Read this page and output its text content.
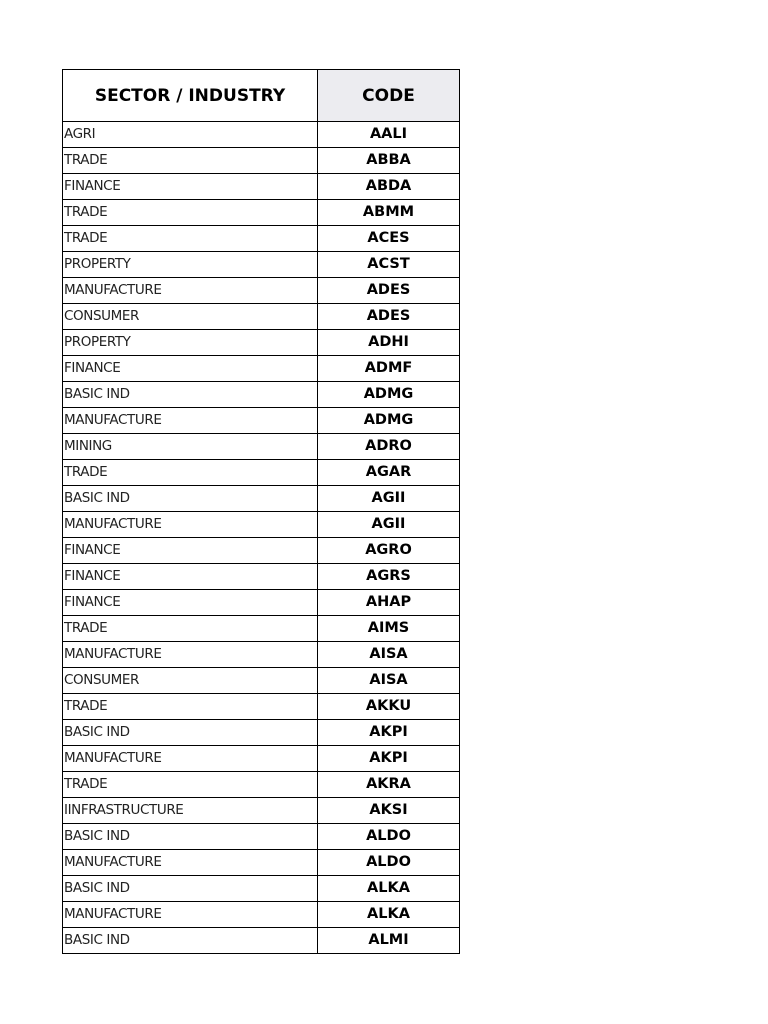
SECTOR / INDUSTRY	CODE
AGRI	AALI
TRADE	ABBA
FINANCE	ABDA
TRADE	ABMM
TRADE	ACES
PROPERTY	ACST
MANUFACTURE	ADES
CONSUMER	ADES
PROPERTY	ADHI
FINANCE	ADMF
BASIC IND	ADMG
MANUFACTURE	ADMG
MINING	ADRO
TRADE	AGAR
BASIC IND	AGII
MANUFACTURE	AGII
FINANCE	AGRO
FINANCE	AGRS
FINANCE	AHAP
TRADE	AIMS
MANUFACTURE	AISA
CONSUMER	AISA
TRADE	AKKU
BASIC IND	AKPI
MANUFACTURE	AKPI
TRADE	AKRA
IINFRASTRUCTURE	AKSI
BASIC IND	ALDO
MANUFACTURE	ALDO
BASIC IND	ALKA
MANUFACTURE	ALKA
BASIC IND	ALMI
